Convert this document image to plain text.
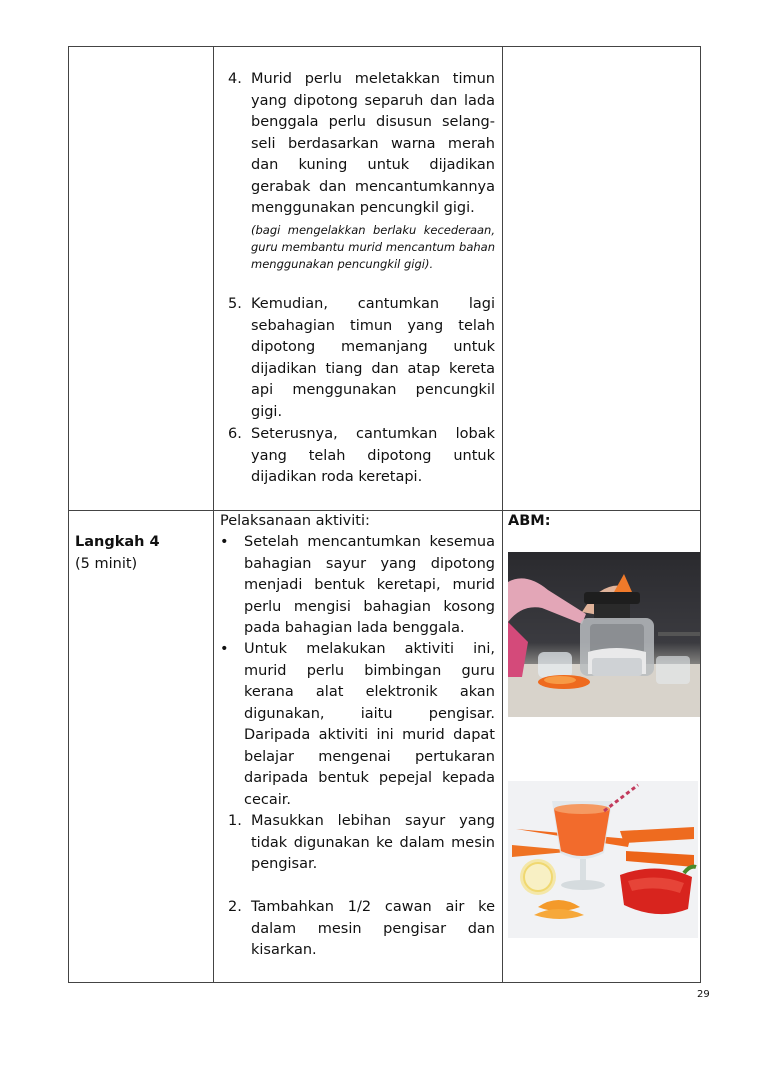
4. Murid perlu meletakkan timun yang dipotong separuh dan lada benggala perlu disusun selang-seli berdasarkan warna merah dan kuning untuk dijadikan gerabak dan mencantumkannya menggunakan pencungkil gigi.
(bagi mengelakkan berlaku kecederaan, guru membantu murid mencantum bahan menggunakan pencungkil gigi).
5. Kemudian, cantumkan lagi sebahagian timun yang telah dipotong memanjang untuk dijadikan tiang dan atap kereta api menggunakan pencungkil gigi.
6. Seterusnya, cantumkan lobak yang telah dipotong untuk dijadikan roda keretapi.
Langkah 4
(5 minit)
Pelaksanaan aktiviti:
• Setelah mencantumkan kesemua bahagian sayur yang dipotong menjadi bentuk keretapi, murid perlu mengisi bahagian kosong pada bahagian lada benggala.
• Untuk melakukan aktiviti ini, murid perlu bimbingan guru kerana alat elektronik akan digunakan, iaitu pengisar. Daripada aktiviti ini murid dapat belajar mengenai pertukaran daripada bentuk pepejal kepada cecair.
1. Masukkan lebihan sayur yang tidak digunakan ke dalam mesin pengisar.
2. Tambahkan 1/2 cawan air ke dalam mesin pengisar dan kisarkan.
ABM:
29
